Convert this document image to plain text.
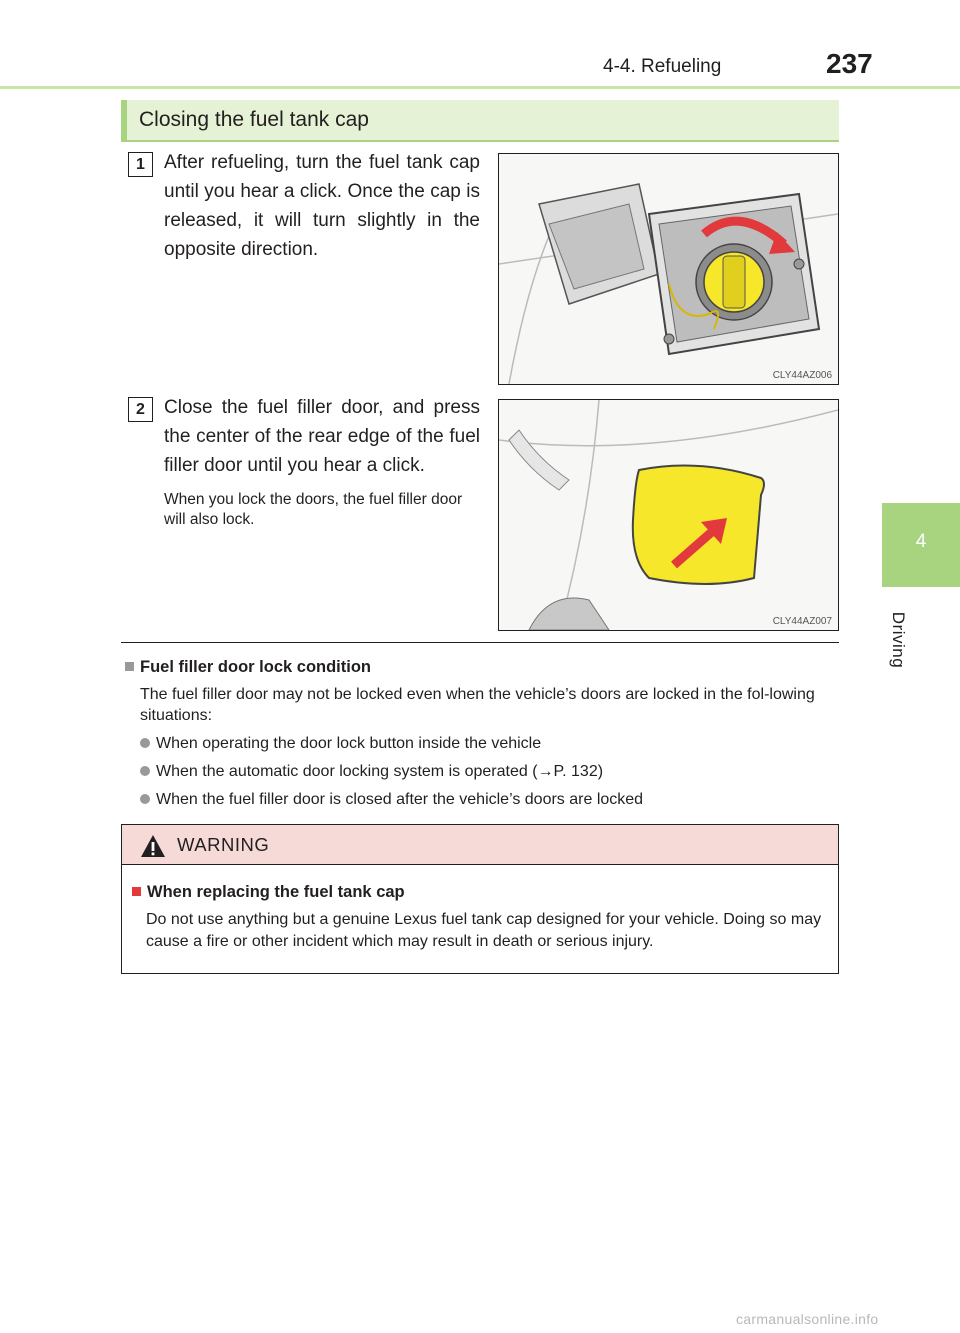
4-4. Refueling	237
4
Driving
Closing the fuel tank cap
1	After refueling, turn the fuel tank cap until you hear a click. Once the cap is released, it will turn slightly in the opposite direction.
CLY44AZ006
2	Close the fuel filler door, and press the center of the rear edge of the fuel filler door until you hear a click.
When you lock the doors, the fuel filler door will also lock.
CLY44AZ007
Fuel filler door lock condition
The fuel filler door may not be locked even when the vehicle’s doors are locked in the fol-lowing situations:
When operating the door lock button inside the vehicle
When the automatic door locking system is operated (→P. 132)
When the fuel filler door is closed after the vehicle’s doors are locked
WARNING
When replacing the fuel tank cap
Do not use anything but a genuine Lexus fuel tank cap designed for your vehicle. Doing so may cause a fire or other incident which may result in death or serious injury.
carmanualsonline.info
